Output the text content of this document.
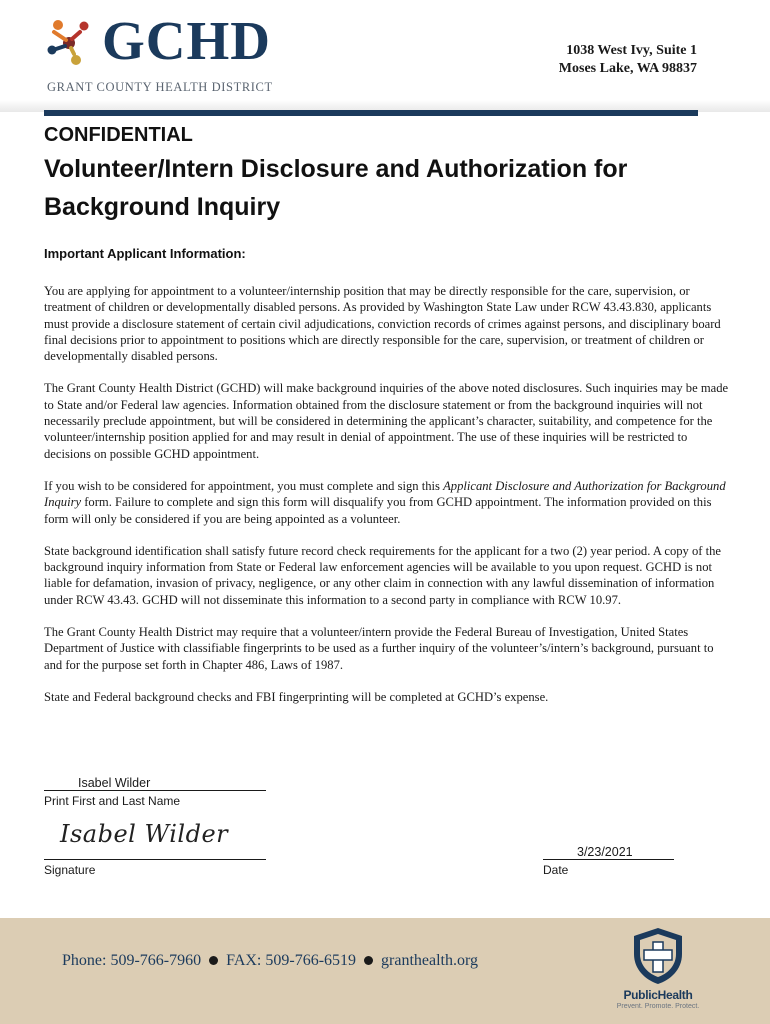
GCHD
GRANT COUNTY HEALTH DISTRICT
1038 West Ivy, Suite 1
Moses Lake, WA 98837
CONFIDENTIAL
Volunteer/Intern Disclosure and Authorization for Background Inquiry
Important Applicant Information:

You are applying for appointment to a volunteer/internship position that may be directly responsible for the care, supervision, or treatment of children or developmentally disabled persons. As provided by Washington State Law under RCW 43.43.830, applicants must provide a disclosure statement of certain civil adjudications, conviction records of crimes against persons, and disciplinary board final decisions prior to appointment to positions which are directly responsible for the care, supervision, or treatment of children or developmentally disabled persons.

The Grant County Health District (GCHD) will make background inquiries of the above noted disclosures. Such inquiries may be made to State and/or Federal law agencies. Information obtained from the disclosure statement or from the background inquiries will not necessarily preclude appointment, but will be considered in determining the applicant’s character, suitability, and competence for the volunteer/internship position applied for and may result in denial of appointment. The use of these inquiries will be restricted to decisions on possible GCHD appointment.

If you wish to be considered for appointment, you must complete and sign this Applicant Disclosure and Authorization for Background Inquiry form. Failure to complete and sign this form will disqualify you from GCHD appointment. The information provided on this form will only be considered if you are being appointed as a volunteer.

State background identification shall satisfy future record check requirements for the applicant for a two (2) year period. A copy of the background inquiry information from State or Federal law enforcement agencies will be available to you upon request. GCHD is not liable for defamation, invasion of privacy, negligence, or any other claim in connection with any lawful dissemination of information under RCW 43.43. GCHD will not disseminate this information to a second party in compliance with RCW 10.97.

The Grant County Health District may require that a volunteer/intern provide the Federal Bureau of Investigation, United States Department of Justice with classifiable fingerprints to be used as a further inquiry of the volunteer’s/intern’s background, pursuant to and for the purpose set forth in Chapter 486, Laws of 1987.

State and Federal background checks and FBI fingerprinting will be completed at GCHD’s expense.

Isabel Wilder
Print First and Last Name
Isabel Wilder
Signature
3/23/2021
Date
Phone: 509-766-7960 FAX: 509-766-6519 granthealth.org
PublicHealth
Prevent. Promote. Protect.
